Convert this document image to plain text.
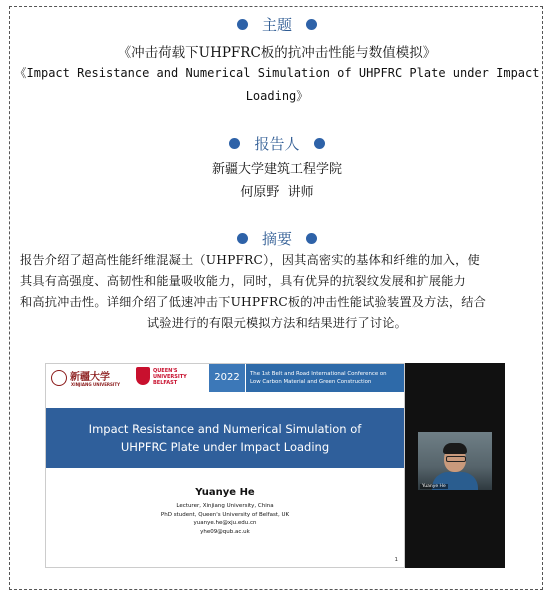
主题
《冲击荷载下UHPFRC板的抗冲击性能与数值模拟》
《Impact Resistance and Numerical Simulation of UHPFRC Plate under Impact
Loading》
报告人
新疆大学建筑工程学院
何原野  讲师
摘要
报告介绍了超高性能纤维混凝土（UHPFRC），因其高密实的基体和纤维的加入，使
其具有高强度、高韧性和能量吸收能力，同时，具有优异的抗裂纹发展和扩展能力
和高抗冲击性。详细介绍了低速冲击下UHPFRC板的冲击性能试验装置及方法，结合
试验进行的有限元模拟方法和结果进行了讨论。
新疆大学
XINJIANG UNIVERSITY
QUEEN'S UNIVERSITY BELFAST	2022	The 1st Belt and Road International Conference on
Low Carbon Material and Green Construction
Impact Resistance and Numerical Simulation of
UHPFRC Plate under Impact Loading
Yuanye He
Lecturer, Xinjiang University, China
PhD student, Queen's University of Belfast, UK
yuanye.he@xju.edu.cn
yhe09@qub.ac.uk
1
Yuanye He
